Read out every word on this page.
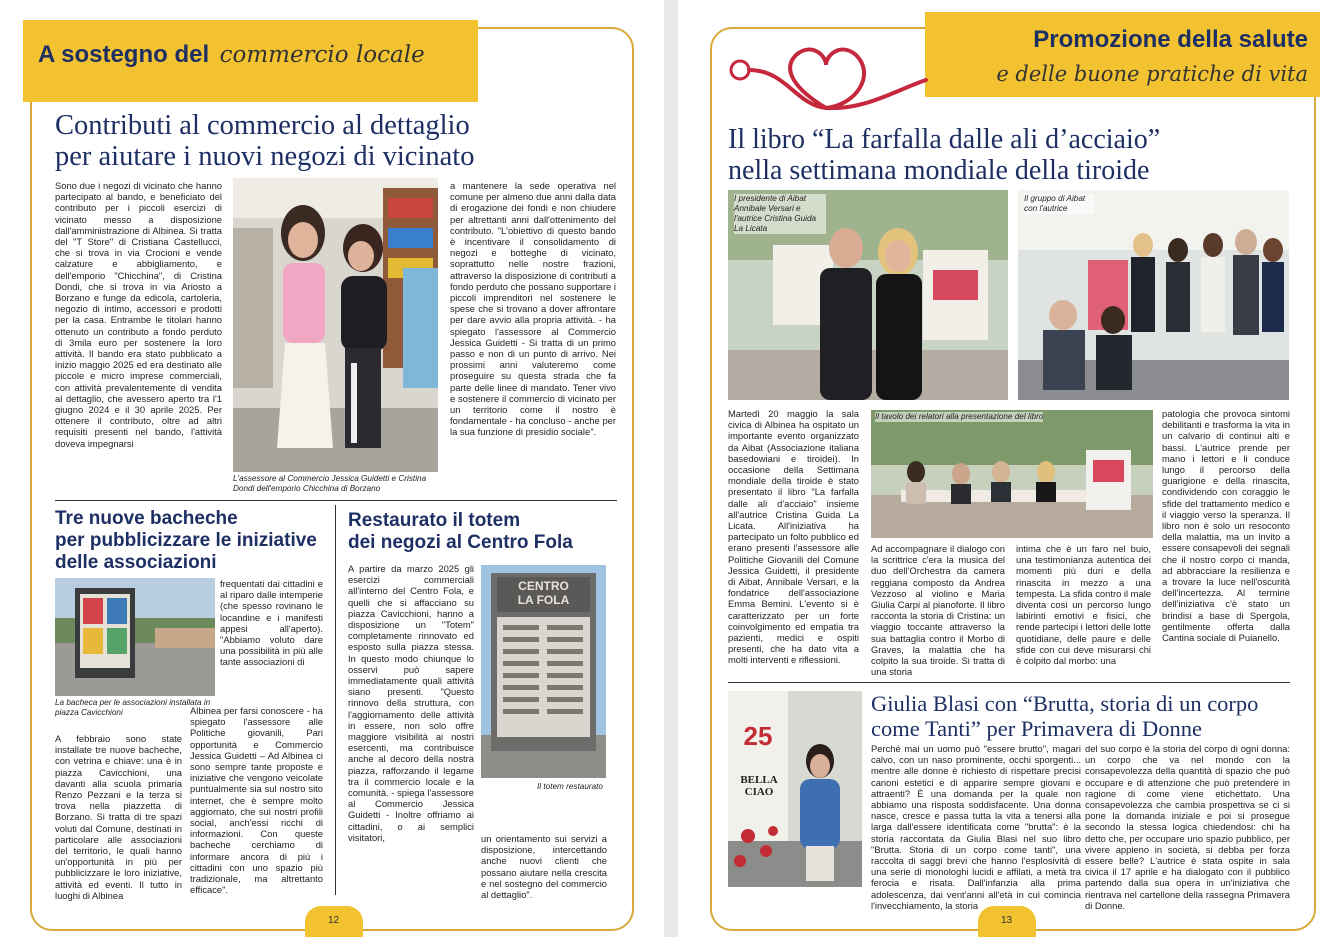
A sostegno del commercio locale
Contributi al commercio al dettaglio
per aiutare i nuovi negozi di vicinato
Sono due i negozi di vicinato che hanno partecipato al bando, e beneficiato del contributo per i piccoli esercizi di vicinato messo a disposizione dall'amministrazione di Albinea. Si tratta del "T Store" di Cristiana Castellucci, che si trova in via Crocioni e vende calzature e abbigliamento, e dell'emporio "Chicchina", di Cristina Dondi, che si trova in via Ariosto a Borzano e funge da edicola, cartoleria, negozio di intimo, accessori e prodotti per la casa. Entrambe le titolari hanno ottenuto un contributo a fondo perduto di 3mila euro per sostenere la loro attività. Il bando era stato pubblicato a inizio maggio 2025 ed era destinato alle piccole e micro imprese commerciali, con attività prevalentemente di vendita al dettaglio, che avessero aperto tra l'1 giugno 2024 e il 30 aprile 2025. Per ottenere il contributo, oltre ad altri requisiti presenti nel bando, l'attività doveva impegnarsi
L'assessore al Commercio Jessica Guidetti e Cristina Dondi dell'emporio Chicchina di Borzano
a mantenere la sede operativa nel comune per almeno due anni dalla data di erogazione dei fondi e non chiudere per altrettanti anni dall'ottenimento del contributo. "L'obiettivo di questo bando è incentivare il consolidamento di negozi e botteghe di vicinato, soprattutto nelle nostre frazioni, attraverso la disposizione di contributi a fondo perduto che possano supportare i piccoli imprenditori nel sostenere le spese che si trovano a dover affrontare per dare avvio alla propria attività. - ha spiegato l'assessore al Commercio Jessica Guidetti - Si tratta di un primo passo e non di un punto di arrivo. Nei prossimi anni valuteremo come proseguire su questa strada che fa parte delle linee di mandato. Tener vivo e sostenere il commercio di vicinato per un territorio come il nostro è fondamentale - ha concluso - anche per la sua funzione di presidio sociale".
Tre nuove bacheche
per pubblicizzare le iniziative
delle associazioni
La bacheca per le associazioni installata in piazza Cavicchioni
frequentati dai cittadini e al riparo dalle intemperie (che spesso rovinano le locandine e i manifesti appesi all'aperto). "Abbiamo voluto dare una possibilità in più alle tante associazioni di
A febbraio sono state installate tre nuove bacheche, con vetrina e chiave: una è in piazza Cavicchioni, una davanti alla scuola primaria Renzo Pezzani e la terza si trova nella piazzetta di Borzano. Si tratta di tre spazi voluti dal Comune, destinati in particolare alle associazioni del territorio, le quali hanno un'opportunità in più per pubblicizzare le loro iniziative, attività ed eventi. Il tutto in luoghi di Albinea
Albinea per farsi conoscere - ha spiegato l'assessore alle Politiche giovanili, Pari opportunità e Commercio Jessica Guidetti – Ad Albinea ci sono sempre tante proposte e iniziative che vengono veicolate puntualmente sia sul nostro sito internet, che è sempre molto aggiornato, che sui nostri profili social, anch'essi ricchi di informazioni. Con queste bacheche cerchiamo di informare ancora di più i cittadini con uno spazio più tradizionale, ma altrettanto efficace".
Restaurato il totem
dei negozi al Centro Fola
A partire da marzo 2025 gli esercizi commerciali all'interno del Centro Fola, e quelli che si affacciano su piazza Cavicchioni, hanno a disposizione un "Totem" completamente rinnovato ed esposto sulla piazza stessa. In questo modo chiunque lo osservi può sapere immediatamente quali attività siano presenti. "Questo rinnovo della struttura, con l'aggiornamento delle attività in essere, non solo offre maggiore visibilità ai nostri esercenti, ma contribuisce anche al decoro della nostra piazza, rafforzando il legame tra il commercio locale e la comunità. - spiega l'assessore al Commercio Jessica Guidetti - Inoltre offriamo ai cittadini, o ai semplici visitatori,
CENTRO
LA FOLA
Il totem restaurato
un orientamento sui servizi a disposizione, intercettando anche nuovi clienti che possano aiutare nella crescita e nel sostegno del commercio al dettaglio".
12
Promozione della salute
e delle buone pratiche di vita
Il libro “La farfalla dalle ali d’acciaio”
nella settimana mondiale della tiroide
I presidente di Aibat Annibale Versari e l'autrice Cristina Guida La Licata
Il gruppo di Aibat con l'autrice
Martedì 20 maggio la sala civica di Albinea ha ospitato un importante evento organizzato da Aibat (Associazione italiana basedowiani e tiroidei). In occasione della Settimana mondiale della tiroide è stato presentato il libro "La farfalla dalle ali d'acciaio" insieme all'autrice Cristina Guida La Licata. All'iniziativa ha partecipato un folto pubblico ed erano presenti l'assessore alle Politiche Giovanili del Comune Jessica Guidetti, il presidente di Aibat, Annibale Versari, e la fondatrice dell'associazione Emma Bemini. L'evento si è caratterizzato per un forte coinvolgimento ed empatia tra pazienti, medici e ospiti presenti, che ha dato vita a molti interventi e riflessioni.
Il tavolo dei relatori alla presentazione del libro
Ad accompagnare il dialogo con la scrittrice c'era la musica del duo dell'Orchestra da camera reggiana composto da Andrea Vezzoso al violino e Maria Giulia Carpi al pianoforte. Il libro racconta la storia di Cristina: un viaggio toccante attraverso la sua battaglia contro il Morbo di Graves, la malattia che ha colpito la sua tiroide. Si tratta di una storia
intima che è un faro nel buio, una testimonianza autentica dei momenti più duri e della rinascita in mezzo a una tempesta. La sfida contro il male diventa così un percorso lungo labirinti emotivi e fisici, che rende partecipi i lettori delle lotte quotidiane, delle paure e delle sfide con cui deve misurarsi chi è colpito dal morbo: una
patologia che provoca sintomi debilitanti e trasforma la vita in un calvario di continui alti e bassi. L'autrice prende per mano i lettori e li conduce lungo il percorso della guarigione e della rinascita, condividendo con coraggio le sfide del trattamento medico e il viaggio verso la speranza. Il libro non è solo un resoconto della malattia, ma un invito a essere consapevoli dei segnali che il nostro corpo ci manda, ad abbracciare la resilienza e a trovare la luce nell'oscurità dell'incertezza. Al termine dell'iniziativa c'è stato un brindisi a base di Spergola, gentilmente offerta dalla Cantina sociale di Puianello.
25
BELLA CIAO
Giulia Blasi con “Brutta, storia di un corpo
come Tanti” per Primavera di Donne
Perché mai un uomo può "essere brutto", magari calvo, con un naso prominente, occhi sporgenti... mentre alle donne è richiesto di rispettare precisi canoni estetici e di apparire sempre giovani e attraenti? È una domanda per la quale non abbiamo una risposta soddisfacente. Una donna nasce, cresce e passa tutta la vita a tenersi alla larga dall'essere identificata come "brutta": è la storia raccontata da Giulia Blasi nel suo libro "Brutta. Storia di un corpo come tanti", una raccolta di saggi brevi che hanno l'esplosività di una serie di monologhi lucidi e affilati, a metà tra ferocia e risata. Dall'infanzia alla prima adolescenza, dai vent'anni all'età in cui comincia l'invecchiamento, la storia
del suo corpo è la storia del corpo di ogni donna: un corpo che va nel mondo con la consapevolezza della quantità di spazio che può occupare e di attenzione che può pretendere in ragione di come viene etichettato. Una consapevolezza che cambia prospettiva se ci si pone la domanda iniziale e poi si prosegue secondo la stessa logica chiedendosi: chi ha detto che, per occupare uno spazio pubblico, per vivere appieno in società, si debba per forza essere belle? L'autrice è stata ospite in sala civica il 17 aprile e ha dialogato con il pubblico partendo dalla sua opera in un'iniziativa che rientrava nel cartellone della rassegna Primavera di Donne.
13
